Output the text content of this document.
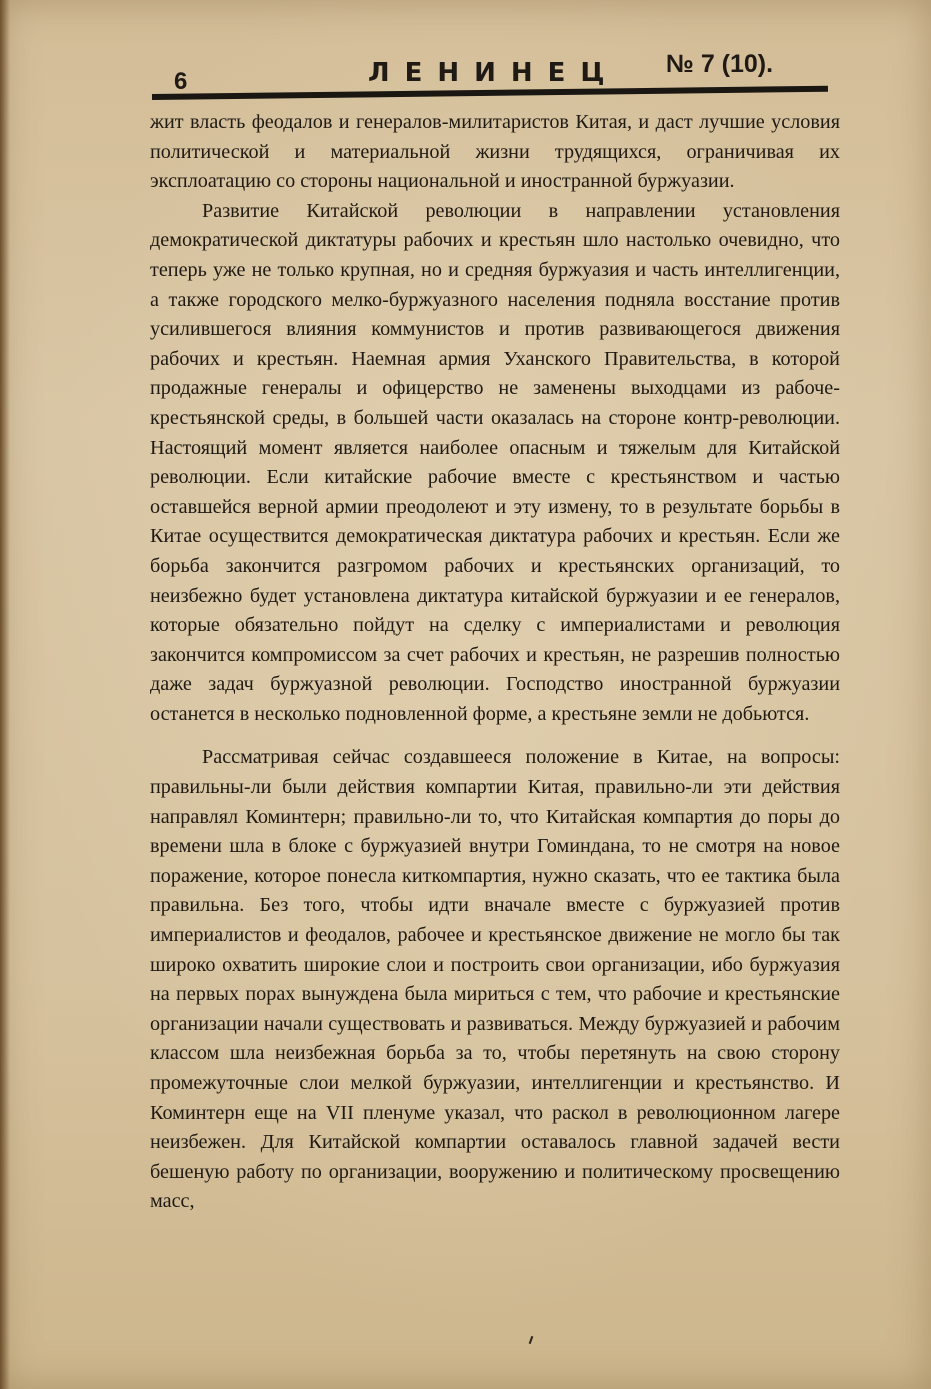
6	ЛЕНИНЕЦ № 7 (10).

жит власть феодалов и генералов-милитаристов Китая, и даст лучшие условия политической и материальной жизни трудящихся, ограничивая их эксплоатацию со стороны национальной и иностранной буржуазии.

Развитие Китайской революции в направлении установления демократической диктатуры рабочих и крестьян шло настолько очевидно, что теперь уже не только крупная, но и средняя буржуазия и часть интеллигенции, а также городского мелко-буржуазного населения подняла восстание против усилившегося влияния коммунистов и против развивающегося движения рабочих и крестьян. Наемная армия Уханского Правительства, в которой продажные генералы и офицерство не заменены выходцами из рабоче-крестьянской среды, в большей части оказалась на стороне контр-революции. Настоящий момент является наиболее опасным и тяжелым для Китайской революции. Если китайские рабочие вместе с крестьянством и частью оставшейся верной армии преодолеют и эту измену, то в результате борьбы в Китае осуществится демократическая диктатура рабочих и крестьян. Если же борьба закончится разгромом рабочих и крестьянских организаций, то неизбежно будет установлена диктатура китайской буржуазии и ее генералов, которые обязательно пойдут на сделку с империалистами и революция закончится компромиссом за счет рабочих и крестьян, не разрешив полностью даже задач буржуазной революции. Господство иностранной буржуазии останется в несколько подновленной форме, а крестьяне земли не добьются.

Рассматривая сейчас создавшееся положение в Китае, на вопросы: правильны-ли были действия компартии Китая, правильно-ли эти действия направлял Коминтерн; правильно-ли то, что Китайская компартия до поры до времени шла в блоке с буржуазией внутри Гоминдана, то не смотря на новое поражение, которое понесла киткомпартия, нужно сказать, что ее тактика была правильна. Без того, чтобы идти вначале вместе с буржуазией против империалистов и феодалов, рабочее и крестьянское движение не могло бы так широко охватить широкие слои и построить свои организации, ибо буржуазия на первых порах вынуждена была мириться с тем, что рабочие и крестьянские организации начали существовать и развиваться. Между буржуазией и рабочим классом шла неизбежная борьба за то, чтобы перетянуть на свою сторону промежуточные слои мелкой буржуазии, интеллигенции и крестьянство. И Коминтерн еще на VII пленуме указал, что раскол в революционном лагере неизбежен. Для Китайской компартии оставалось главной задачей вести бешеную работу по организации, вооружению и политическому просвещению масс,
